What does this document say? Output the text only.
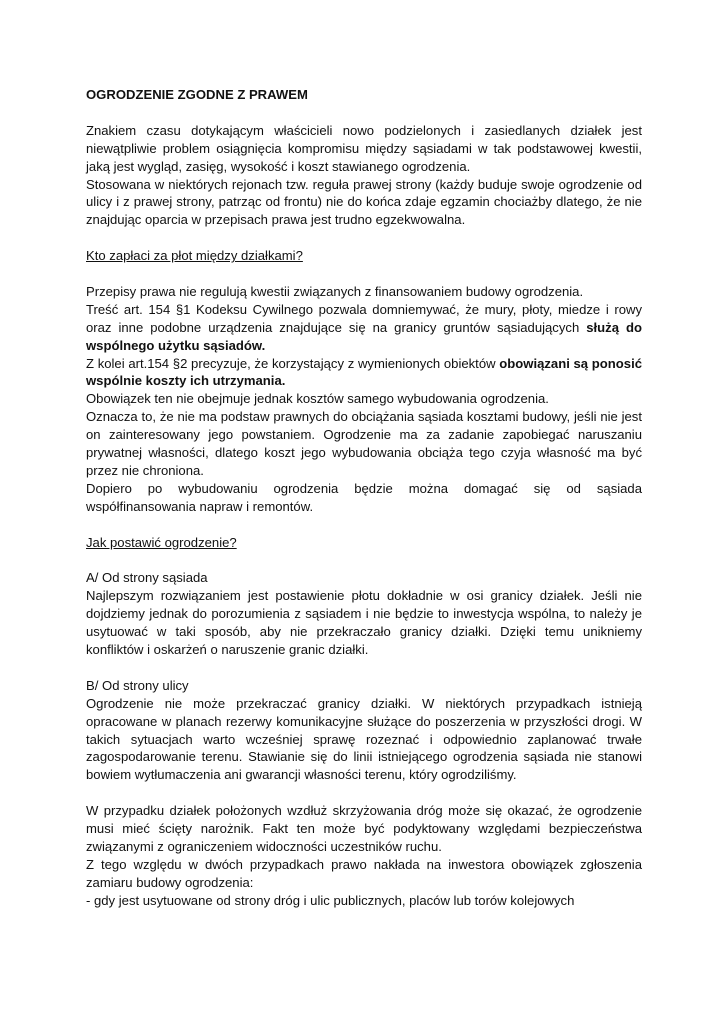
OGRODZENIE ZGODNE Z PRAWEM

Znakiem czasu dotykającym właścicieli nowo podzielonych i zasiedlanych działek jest niewątpliwie problem osiągnięcia kompromisu między sąsiadami w tak podstawowej kwestii, jaką jest wygląd, zasięg, wysokość i koszt stawianego ogrodzenia.

Stosowana w niektórych rejonach tzw. reguła prawej strony (każdy buduje swoje ogrodzenie od ulicy i z prawej strony, patrząc od frontu) nie do końca zdaje egzamin chociażby dlatego, że nie znajdując oparcia w przepisach prawa jest trudno egzekwowalna.

Kto zapłaci za płot między działkami?

Przepisy prawa nie regulują kwestii związanych z finansowaniem budowy ogrodzenia.

Treść art. 154 §1 Kodeksu Cywilnego pozwala domniemywać, że mury, płoty, miedze i rowy oraz inne podobne urządzenia znajdujące się na granicy gruntów sąsiadujących służą do wspólnego użytku sąsiadów.

Z kolei art.154 §2 precyzuje, że korzystający z wymienionych obiektów obowiązani są ponosić wspólnie koszty ich utrzymania.

Obowiązek ten nie obejmuje jednak kosztów samego wybudowania ogrodzenia.

Oznacza to, że nie ma podstaw prawnych do obciążania sąsiada kosztami budowy, jeśli nie jest on zainteresowany jego powstaniem. Ogrodzenie ma za zadanie zapobiegać naruszaniu prywatnej własności, dlatego koszt jego wybudowania obciąża tego czyja własność ma być przez nie chroniona.

Dopiero po wybudowaniu ogrodzenia będzie można domagać się od sąsiada współfinansowania napraw i remontów.

Jak postawić ogrodzenie?

A/ Od strony sąsiada

Najlepszym rozwiązaniem jest postawienie płotu dokładnie w osi granicy działek. Jeśli nie dojdziemy jednak do porozumienia z sąsiadem i nie będzie to inwestycja wspólna, to należy je usytuować w taki sposób, aby nie przekraczało granicy działki. Dzięki temu unikniemy konfliktów i oskarżeń o naruszenie granic działki.

B/ Od strony ulicy

Ogrodzenie nie może przekraczać granicy działki. W niektórych przypadkach istnieją opracowane w planach rezerwy komunikacyjne służące do poszerzenia w przyszłości drogi. W takich sytuacjach warto wcześniej sprawę rozeznać i odpowiednio zaplanować trwałe zagospodarowanie terenu. Stawianie się do linii istniejącego ogrodzenia sąsiada nie stanowi bowiem wytłumaczenia ani gwarancji własności terenu, który ogrodziliśmy.

W przypadku działek położonych wzdłuż skrzyżowania dróg może się okazać, że ogrodzenie musi mieć ścięty narożnik. Fakt ten może być podyktowany względami bezpieczeństwa związanymi z ograniczeniem widoczności uczestników ruchu.

Z tego względu w dwóch przypadkach prawo nakłada na inwestora obowiązek zgłoszenia zamiaru budowy ogrodzenia:

- gdy jest usytuowane od strony dróg i ulic publicznych, placów lub torów kolejowych
